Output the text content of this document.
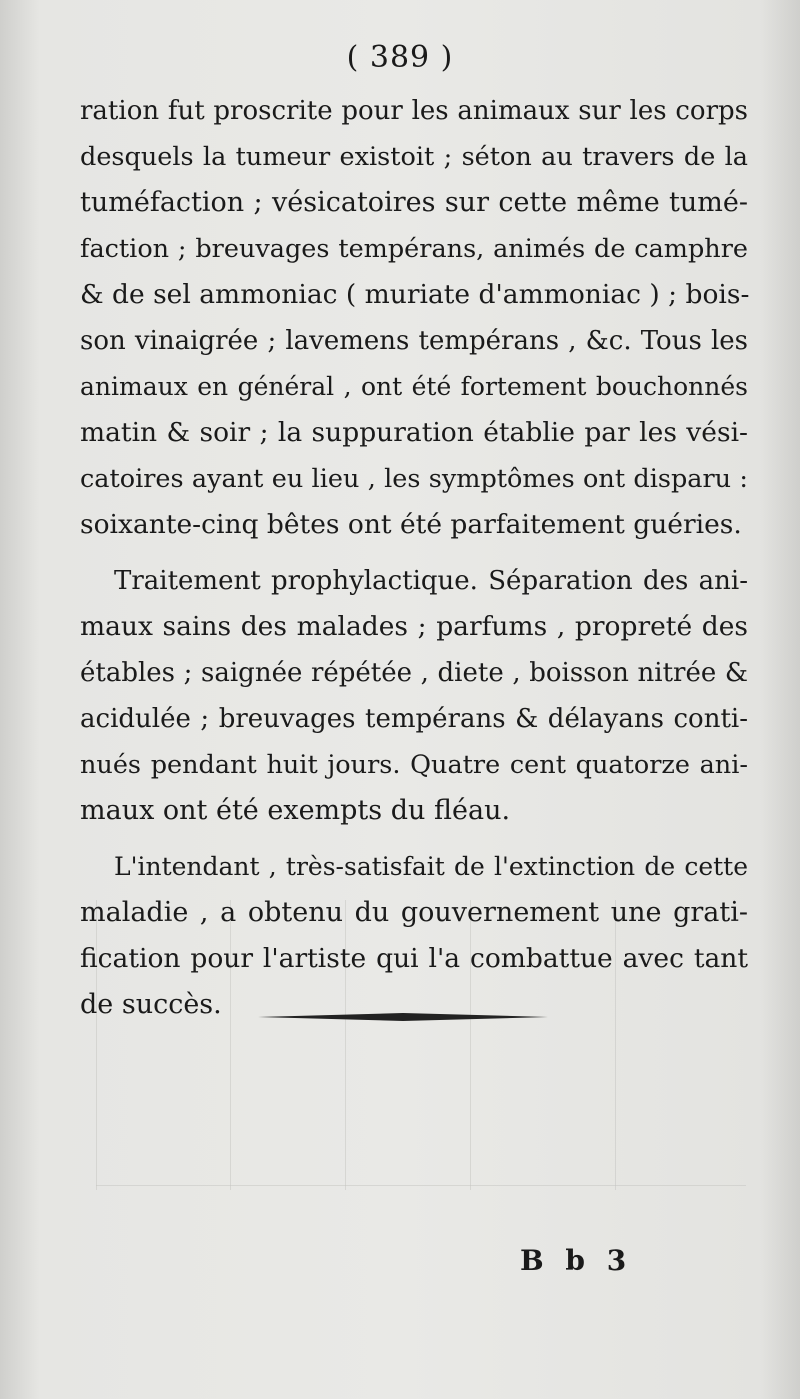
( 389 )
ration fut proscrite pour les animaux sur les corps
desquels la tumeur existoit ; séton au travers de la
tuméfaction ; vésicatoires sur cette même tumé-
faction ; breuvages tempérans, animés de camphre
& de sel ammoniac ( muriate d'ammoniac ) ; bois-
son vinaigrée ; lavemens tempérans , &c. Tous les
animaux en général , ont été fortement bouchonnés
matin & soir ; la suppuration établie par les vési-
catoires ayant eu lieu , les symptômes ont disparu :
soixante-cinq bêtes ont été parfaitement guéries.
Traitement prophylactique. Séparation des ani-
maux sains des malades ; parfums , propreté des
étables ; saignée répétée , diete , boisson nitrée &
acidulée ; breuvages tempérans & délayans conti-
nués pendant huit jours. Quatre cent quatorze ani-
maux ont été exempts du fléau.
L'intendant , très-satisfait de l'extinction de cette
maladie , a obtenu du gouvernement une grati-
fication pour l'artiste qui l'a combattue avec tant
de succès.
B b 3
